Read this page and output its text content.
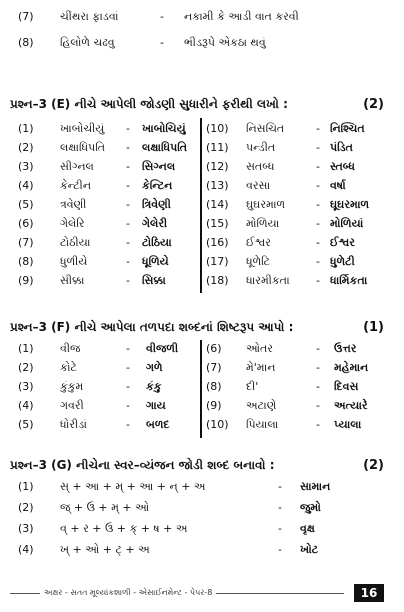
(7)	ચીંથરા ફાડવાં	- નકામી કે આડી વાત કરવી
(8)	હિલોળે ચઢવુ	- ભીડરૂપે એકઠા થવું
પ્રશ્ન–3 (E) નીચે આપેલી જોડણી સુધારીને ફરીથી લખો :	(2)
(1)	ખાબોચીયું - ખાબોચિયું
(2)	લક્ષાધિપતિ - લક્ષાધિપતિ
(3)	સીગ્નલ	- સિગ્નલ
(4)	કેન્ટીન	- કેન્ટિન
(5)	ત્રવેણી	- ત્રિવેણી
(6)	ગેલેરિ	- ગેલેરી
(7)	ટોઠીયા	- ટોઠિયા
(8)	ધુળીયે	- ધૂળિયે
(9)	સીક્કા	- સિક્કા
(10)	નિસચિત	- નિશ્ચિત
(11)	પન્ડીત	- પંડિત
(12)	સતબ્ધ	- સ્તબ્ધ
(13)	વરસા	- વર્ષા
(14)	ઘુઘરમાળ	- ઘૂઘરમાળ
(15)	મોળિયા	- મોળિયાં
(16)	ઈશ્વર	- ઈશ્વર
(17)	ધૂળેટિ	- ધુળેટી
(18)	ધારમીકતા - ધાર્મિકતા
પ્રશ્ન–3 (F) નીચે આપેલા તળપદા શબ્દનાં શિષ્ટરૂપ આપો :	(1)
(1)	વીજ	- વીજળી
(2)	કોટે	- ગળે
(3)	કુંકુમ	- કંકુ
(4)	ગવરી	- ગાય
(5)	ધોરીડાં	- બળદ
(6)	ઓતર	- ઉત્તર
(7)	મે'માન	- મહેમાન
(8)	દી'	- દિવસ
(9)	અટાણે	- અત્યારે
(10)	પિયાલા	- પ્યાલા
પ્રશ્ન–3 (G) નીચેના સ્વર–વ્યંજન જોડી શબ્દ બનાવો :	(2)
(1)	સ્ + આ + મ્ + આ + ન્ + અ	- સામાન
(2)	જ્ + ઉ + મ્ + ઓ	- જુમો
(3)	વ્ + ર + ઉ + ક્ + ષ + અ	- વૃક્ષ
(4)	ખ્ + ઓ + ટ્ + અ	- ખોટ
અક્ષર - સતત મૂલ્યાંકશાળી - એસાઈનમેન્ટ - પેપર-8	16
